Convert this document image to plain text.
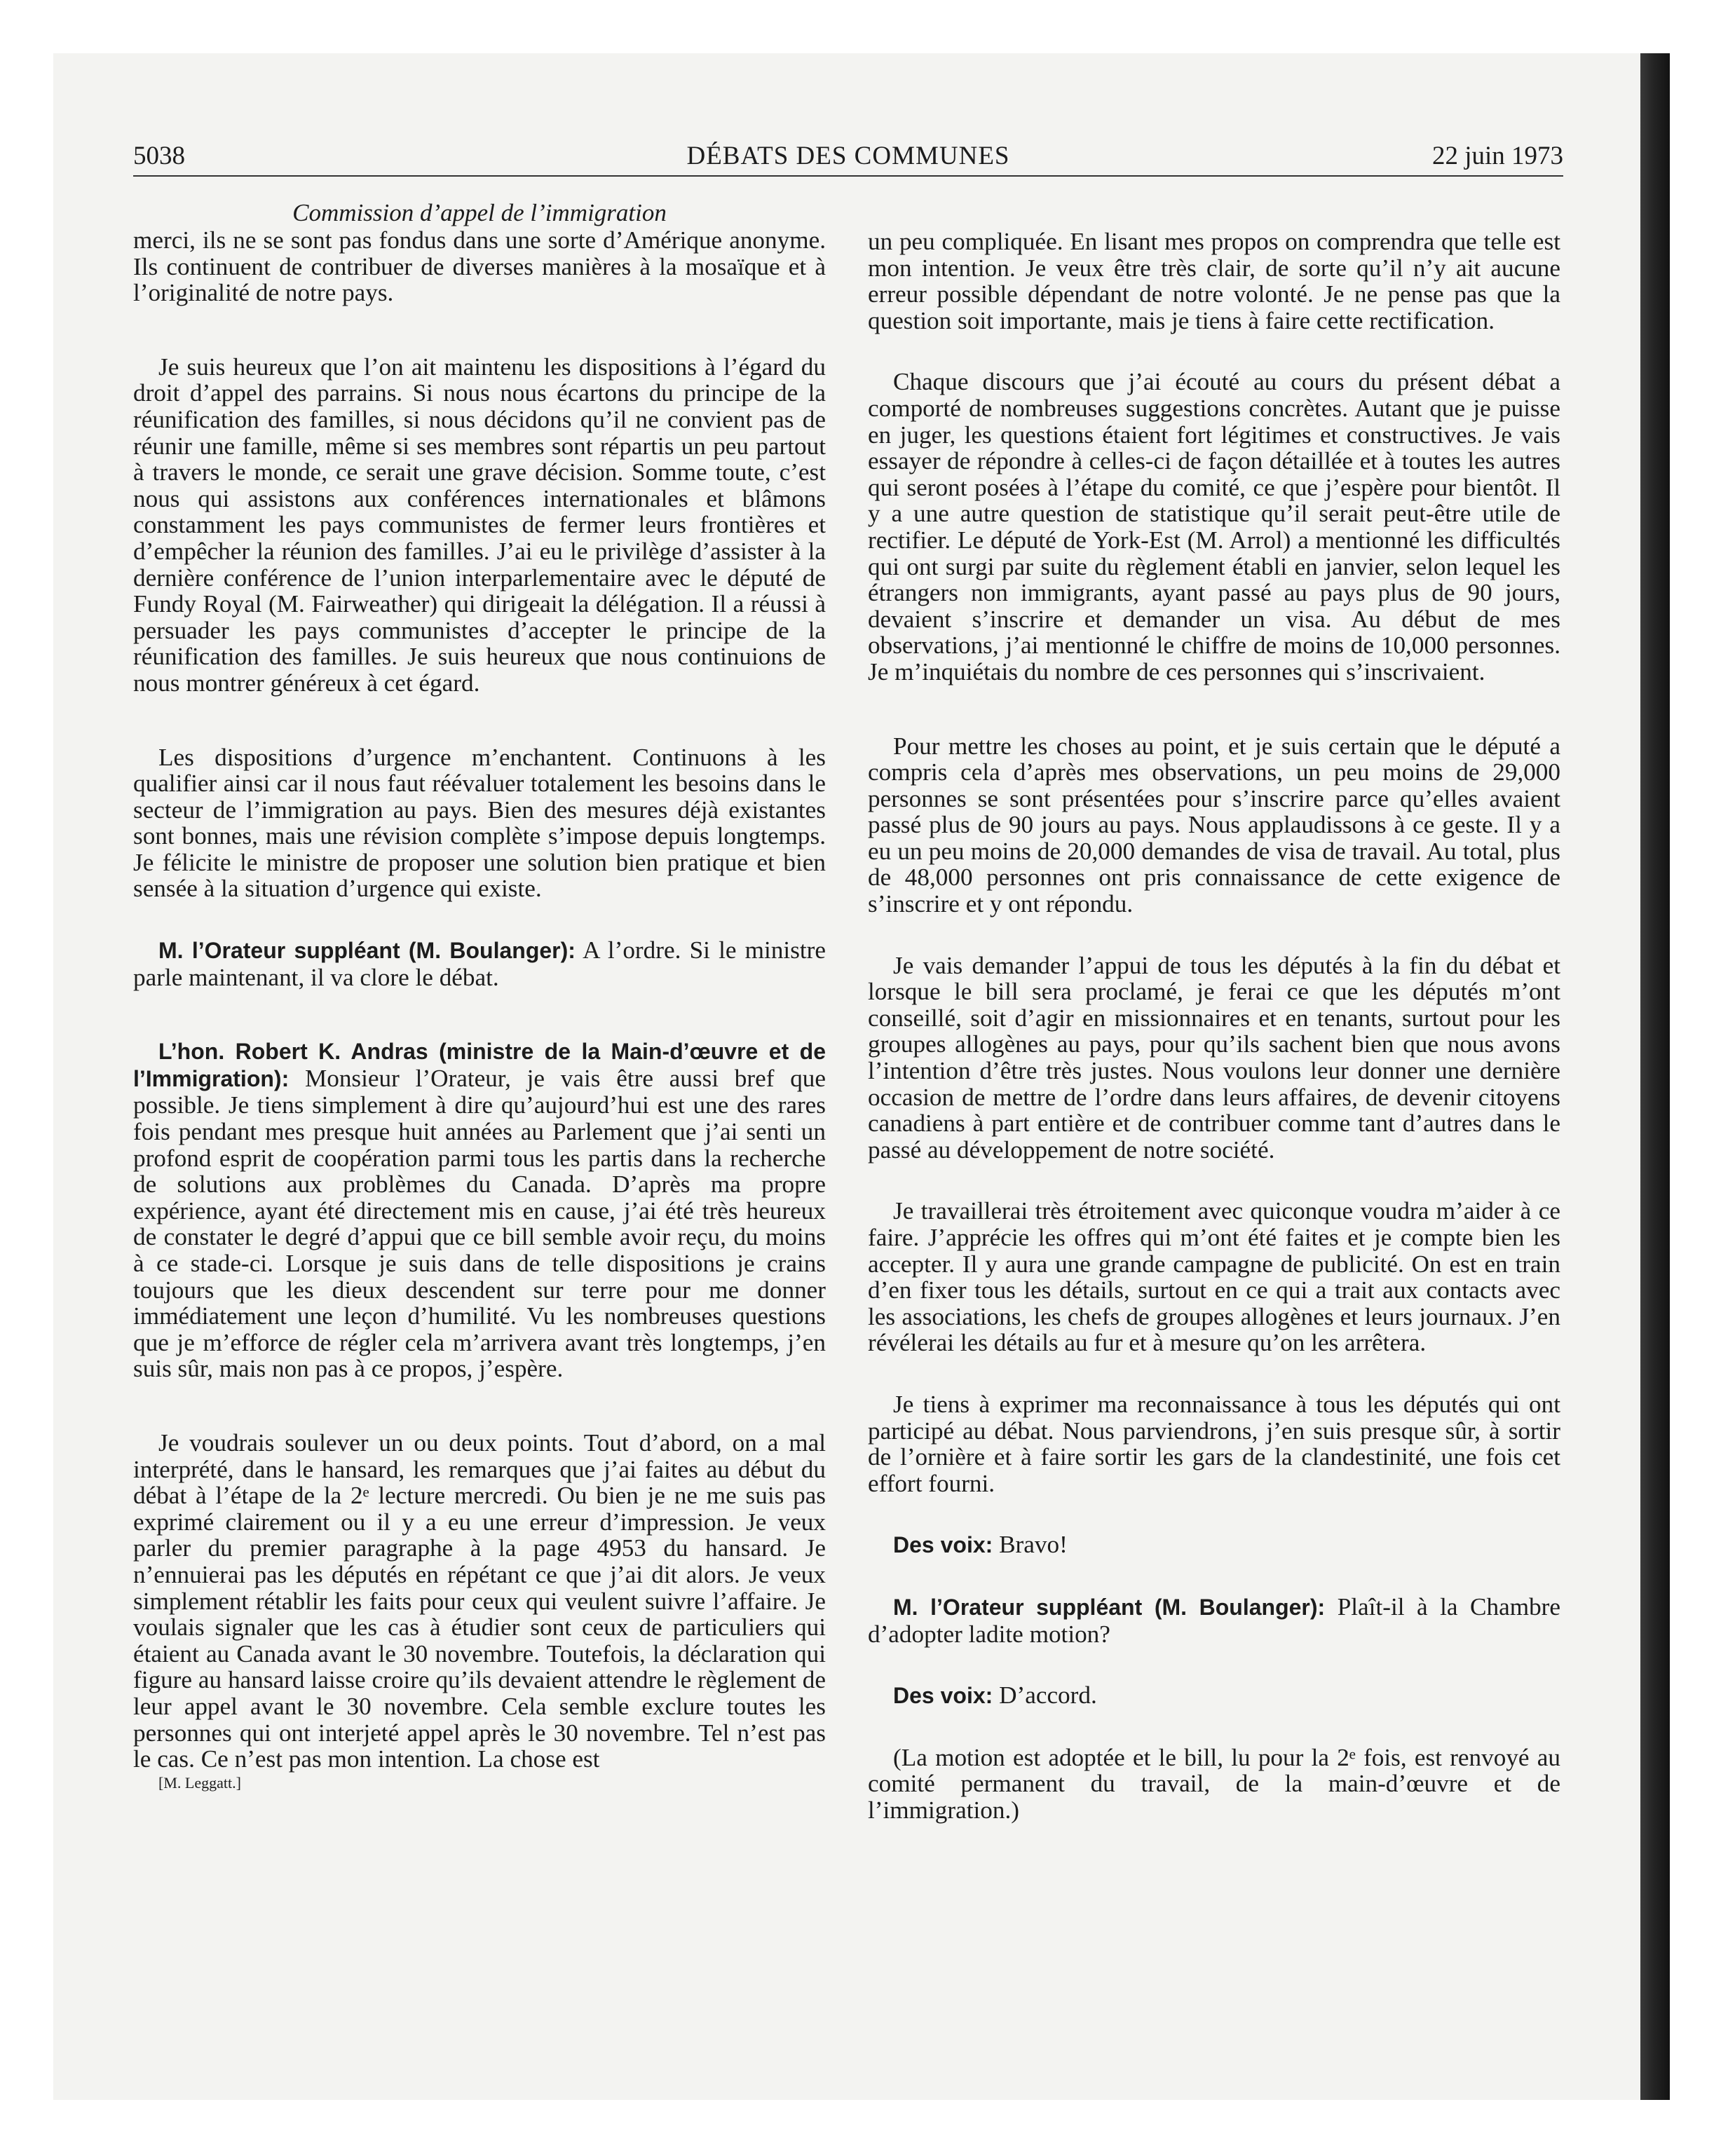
5038	DÉBATS DES COMMUNES	22 juin 1973

Commission d’appel de l’immigration

merci, ils ne se sont pas fondus dans une sorte d’Amérique anonyme. Ils continuent de contribuer de diverses manières à la mosaïque et à l’originalité de notre pays.

Je suis heureux que l’on ait maintenu les dispositions à l’égard du droit d’appel des parrains. Si nous nous écartons du principe de la réunification des familles, si nous décidons qu’il ne convient pas de réunir une famille, même si ses membres sont répartis un peu partout à travers le monde, ce serait une grave décision. Somme toute, c’est nous qui assistons aux conférences internationales et blâmons constamment les pays communistes de fermer leurs frontières et d’empêcher la réunion des familles. J’ai eu le privilège d’assister à la dernière conférence de l’union interparlementaire avec le député de Fundy Royal (M. Fairweather) qui dirigeait la délégation. Il a réussi à persuader les pays communistes d’accepter le principe de la réunification des familles. Je suis heureux que nous continuions de nous montrer généreux à cet égard.

Les dispositions d’urgence m’enchantent. Continuons à les qualifier ainsi car il nous faut réévaluer totalement les besoins dans le secteur de l’immigration au pays. Bien des mesures déjà existantes sont bonnes, mais une révision complète s’impose depuis longtemps. Je félicite le ministre de proposer une solution bien pratique et bien sensée à la situation d’urgence qui existe.

M. l’Orateur suppléant (M. Boulanger): A l’ordre. Si le ministre parle maintenant, il va clore le débat.

L’hon. Robert K. Andras (ministre de la Main-d’œuvre et de l’Immigration): Monsieur l’Orateur, je vais être aussi bref que possible. Je tiens simplement à dire qu’aujourd’hui est une des rares fois pendant mes presque huit années au Parlement que j’ai senti un profond esprit de coopération parmi tous les partis dans la recherche de solutions aux problèmes du Canada. D’après ma propre expérience, ayant été directement mis en cause, j’ai été très heureux de constater le degré d’appui que ce bill semble avoir reçu, du moins à ce stade-ci. Lorsque je suis dans de telle dispositions je crains toujours que les dieux descendent sur terre pour me donner immédiatement une leçon d’humilité. Vu les nombreuses questions que je m’efforce de régler cela m’arrivera avant très longtemps, j’en suis sûr, mais non pas à ce propos, j’espère.

Je voudrais soulever un ou deux points. Tout d’abord, on a mal interprété, dans le hansard, les remarques que j’ai faites au début du débat à l’étape de la 2ᵉ lecture mercredi. Ou bien je ne me suis pas exprimé clairement ou il y a eu une erreur d’impression. Je veux parler du premier paragraphe à la page 4953 du hansard. Je n’ennuierai pas les députés en répétant ce que j’ai dit alors. Je veux simplement rétablir les faits pour ceux qui veulent suivre l’affaire. Je voulais signaler que les cas à étudier sont ceux de particuliers qui étaient au Canada avant le 30 novembre. Toutefois, la déclaration qui figure au hansard laisse croire qu’ils devaient attendre le règlement de leur appel avant le 30 novembre. Cela semble exclure toutes les personnes qui ont interjeté appel après le 30 novembre. Tel n’est pas le cas. Ce n’est pas mon intention. La chose est

[M. Leggatt.]

un peu compliquée. En lisant mes propos on comprendra que telle est mon intention. Je veux être très clair, de sorte qu’il n’y ait aucune erreur possible dépendant de notre volonté. Je ne pense pas que la question soit importante, mais je tiens à faire cette rectification.

Chaque discours que j’ai écouté au cours du présent débat a comporté de nombreuses suggestions concrètes. Autant que je puisse en juger, les questions étaient fort légitimes et constructives. Je vais essayer de répondre à celles-ci de façon détaillée et à toutes les autres qui seront posées à l’étape du comité, ce que j’espère pour bientôt. Il y a une autre question de statistique qu’il serait peut-être utile de rectifier. Le député de York-Est (M. Arrol) a mentionné les difficultés qui ont surgi par suite du règlement établi en janvier, selon lequel les étrangers non immigrants, ayant passé au pays plus de 90 jours, devaient s’inscrire et demander un visa. Au début de mes observations, j’ai mentionné le chiffre de moins de 10,000 personnes. Je m’inquiétais du nombre de ces personnes qui s’inscrivaient.

Pour mettre les choses au point, et je suis certain que le député a compris cela d’après mes observations, un peu moins de 29,000 personnes se sont présentées pour s’inscrire parce qu’elles avaient passé plus de 90 jours au pays. Nous applaudissons à ce geste. Il y a eu un peu moins de 20,000 demandes de visa de travail. Au total, plus de 48,000 personnes ont pris connaissance de cette exigence de s’inscrire et y ont répondu.

Je vais demander l’appui de tous les députés à la fin du débat et lorsque le bill sera proclamé, je ferai ce que les députés m’ont conseillé, soit d’agir en missionnaires et en tenants, surtout pour les groupes allogènes au pays, pour qu’ils sachent bien que nous avons l’intention d’être très justes. Nous voulons leur donner une dernière occasion de mettre de l’ordre dans leurs affaires, de devenir citoyens canadiens à part entière et de contribuer comme tant d’autres dans le passé au développement de notre société.

Je travaillerai très étroitement avec quiconque voudra m’aider à ce faire. J’apprécie les offres qui m’ont été faites et je compte bien les accepter. Il y aura une grande campagne de publicité. On est en train d’en fixer tous les détails, surtout en ce qui a trait aux contacts avec les associations, les chefs de groupes allogènes et leurs journaux. J’en révélerai les détails au fur et à mesure qu’on les arrêtera.

Je tiens à exprimer ma reconnaissance à tous les députés qui ont participé au débat. Nous parviendrons, j’en suis presque sûr, à sortir de l’ornière et à faire sortir les gars de la clandestinité, une fois cet effort fourni.

Des voix: Bravo!

M. l’Orateur suppléant (M. Boulanger): Plaît-il à la Chambre d’adopter ladite motion?

Des voix: D’accord.

(La motion est adoptée et le bill, lu pour la 2ᵉ fois, est renvoyé au comité permanent du travail, de la main-d’œuvre et de l’immigration.)
